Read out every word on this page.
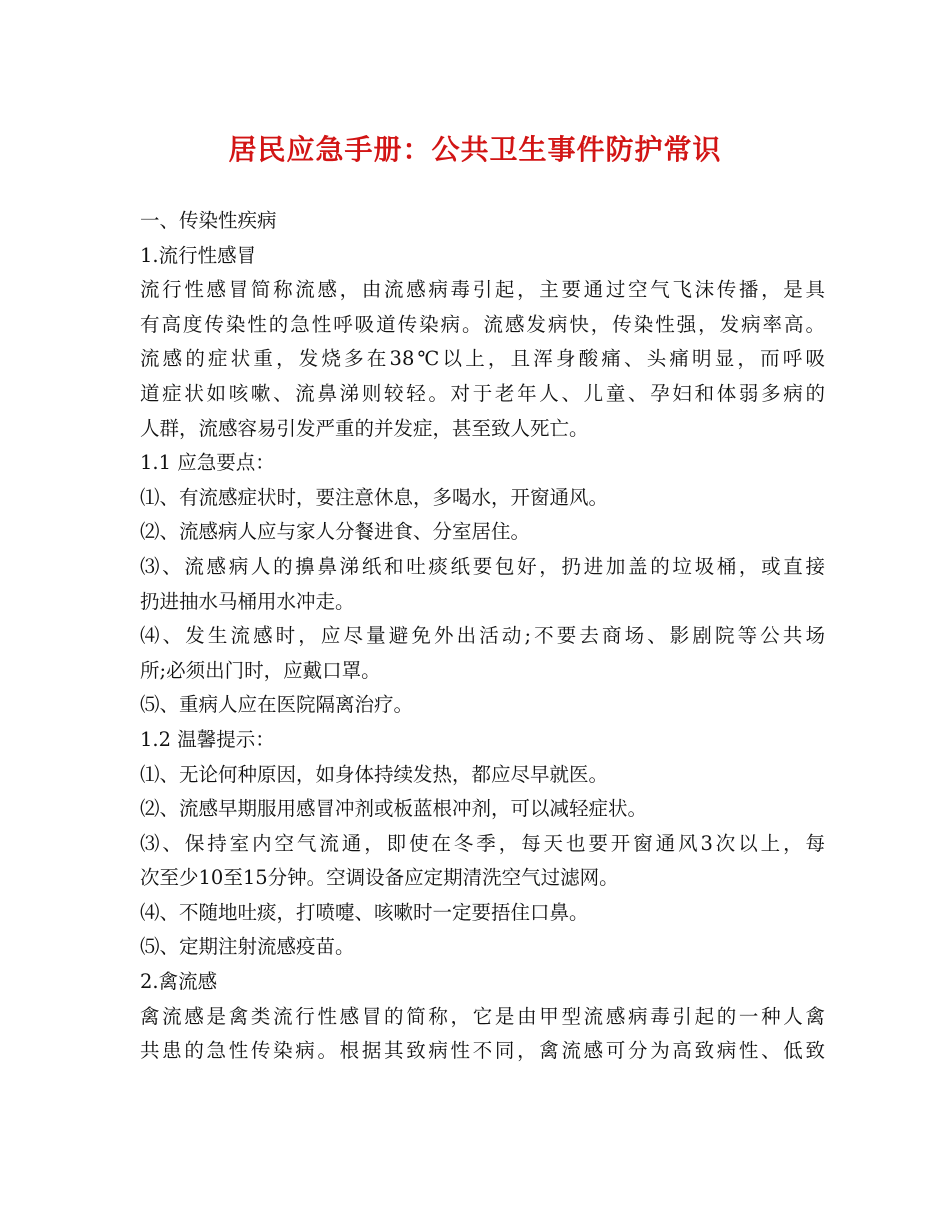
居民应急手册：公共卫生事件防护常识
一、传染性疾病
1.流行性感冒
流行性感冒简称流感，由流感病毒引起，主要通过空气飞沫传播，是具
有高度传染性的急性呼吸道传染病。流感发病快，传染性强，发病率高。
流感的症状重，发烧多在38℃以上，且浑身酸痛、头痛明显，而呼吸
道症状如咳嗽、流鼻涕则较轻。对于老年人、儿童、孕妇和体弱多病的
人群，流感容易引发严重的并发症，甚至致人死亡。
1.1 应急要点：
⑴、有流感症状时，要注意休息，多喝水，开窗通风。
⑵、流感病人应与家人分餐进食、分室居住。
⑶、流感病人的擤鼻涕纸和吐痰纸要包好，扔进加盖的垃圾桶，或直接
扔进抽水马桶用水冲走。
⑷、发生流感时，应尽量避免外出活动;不要去商场、影剧院等公共场
所;必须出门时，应戴口罩。
⑸、重病人应在医院隔离治疗。
1.2 温馨提示：
⑴、无论何种原因，如身体持续发热，都应尽早就医。
⑵、流感早期服用感冒冲剂或板蓝根冲剂，可以减轻症状。
⑶、保持室内空气流通，即使在冬季，每天也要开窗通风3次以上，每
次至少10至15分钟。空调设备应定期清洗空气过滤网。
⑷、不随地吐痰，打喷嚏、咳嗽时一定要捂住口鼻。
⑸、定期注射流感疫苗。
2.禽流感
禽流感是禽类流行性感冒的简称，它是由甲型流感病毒引起的一种人禽
共患的急性传染病。根据其致病性不同，禽流感可分为高致病性、低致
